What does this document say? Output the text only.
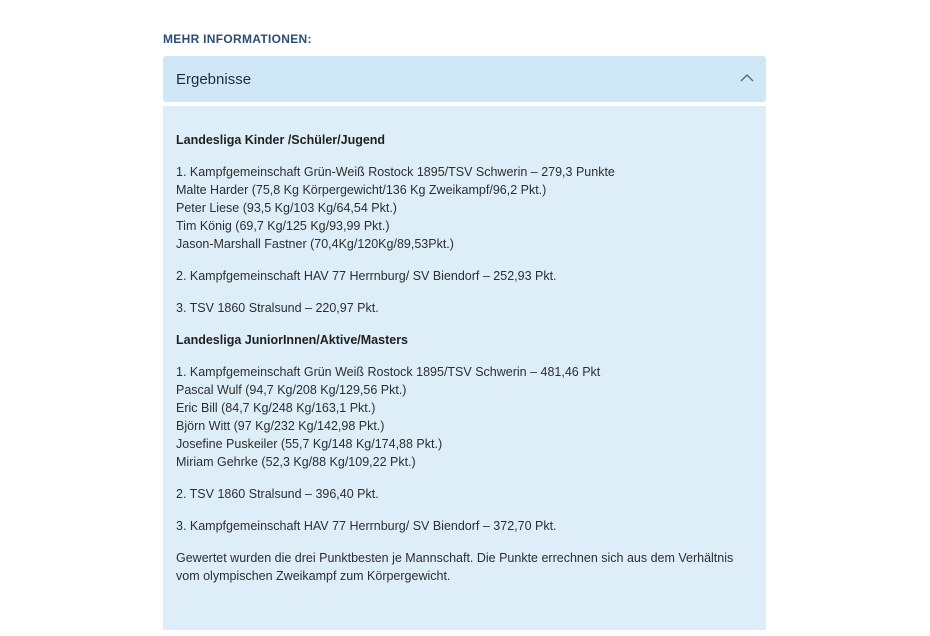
MEHR INFORMATIONEN:
Ergebnisse
Landesliga Kinder /Schüler/Jugend
1. Kampfgemeinschaft Grün-Weiß Rostock 1895/TSV Schwerin – 279,3 Punkte
Malte Harder (75,8 Kg Körpergewicht/136 Kg Zweikampf/96,2 Pkt.)
Peter Liese (93,5 Kg/103 Kg/64,54 Pkt.)
Tim König (69,7 Kg/125 Kg/93,99 Pkt.)
Jason-Marshall Fastner (70,4Kg/120Kg/89,53Pkt.)
2. Kampfgemeinschaft HAV 77 Herrnburg/ SV Biendorf – 252,93 Pkt.
3. TSV 1860 Stralsund – 220,97 Pkt.
Landesliga JuniorInnen/Aktive/Masters
1. Kampfgemeinschaft Grün Weiß Rostock 1895/TSV Schwerin – 481,46 Pkt
Pascal Wulf (94,7 Kg/208 Kg/129,56 Pkt.)
Eric Bill (84,7 Kg/248 Kg/163,1 Pkt.)
Björn Witt (97 Kg/232 Kg/142,98 Pkt.)
Josefine Puskeiler (55,7 Kg/148 Kg/174,88 Pkt.)
Miriam Gehrke (52,3 Kg/88 Kg/109,22 Pkt.)
2. TSV 1860 Stralsund – 396,40 Pkt.
3. Kampfgemeinschaft HAV 77 Herrnburg/ SV Biendorf – 372,70 Pkt.
Gewertet wurden die drei Punktbesten je Mannschaft. Die Punkte errechnen sich aus dem Verhältnis
vom olympischen Zweikampf zum Körpergewicht.
